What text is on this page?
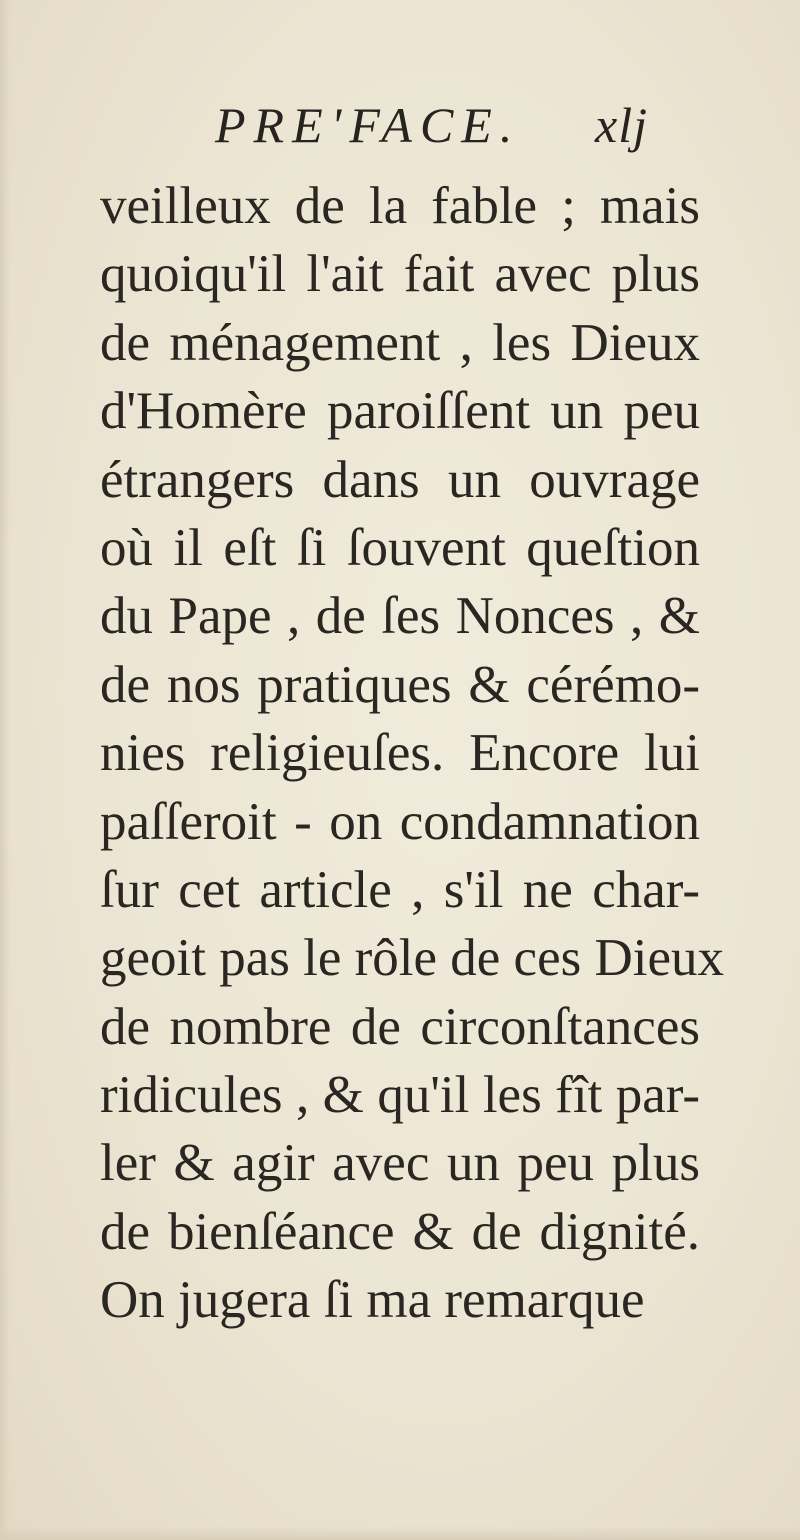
PRE'FACE. xlj
veilleux de la fable ; mais
quoiqu'il l'ait fait avec plus
de ménagement , les Dieux
d'Homère paroiſſent un peu
étrangers dans un ouvrage
où il eſt ſi ſouvent queſtion
du Pape , de ſes Nonces , &
de nos pratiques & cérémo-
nies religieuſes. Encore lui
paſſeroit - on condamnation
ſur cet article , s'il ne char-
geoit pas le rôle de ces Dieux
de nombre de circonſtances
ridicules , & qu'il les fît par-
ler & agir avec un peu plus
de bienſéance & de dignité.
On jugera ſi ma remarque
